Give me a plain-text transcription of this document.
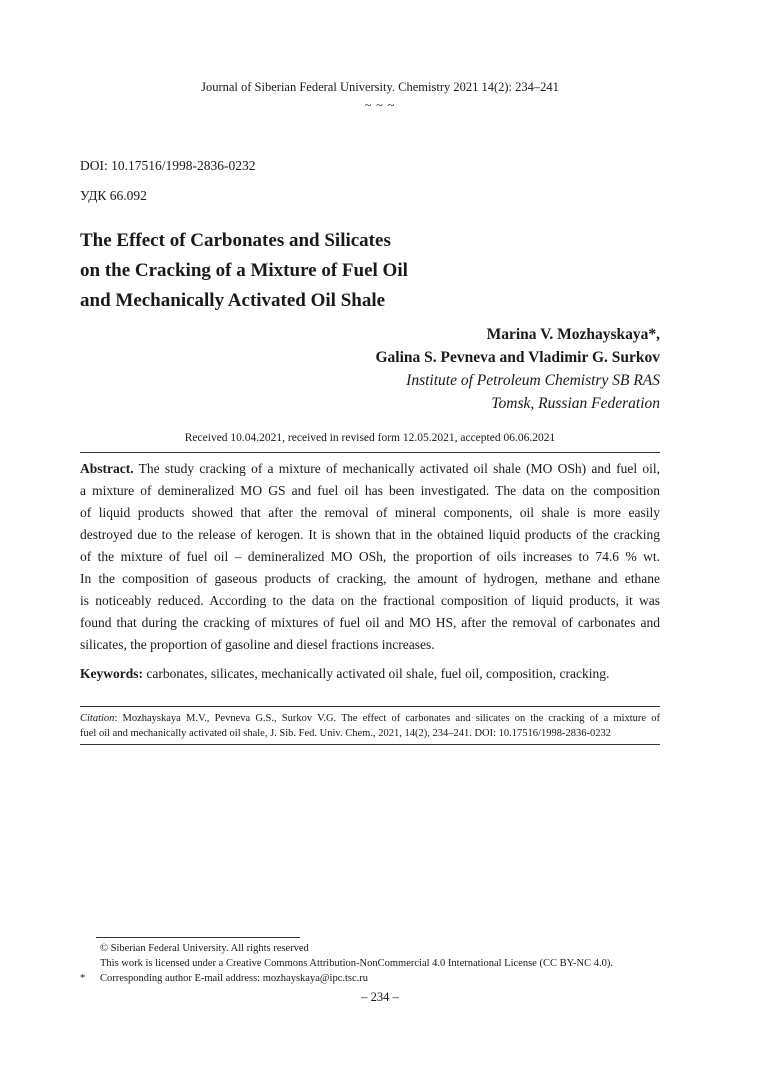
Journal of Siberian Federal University. Chemistry 2021 14(2): 234–241
~ ~ ~
DOI: 10.17516/1998-2836-0232
УДК 66.092
The Effect of Carbonates and Silicates
on the Cracking of a Mixture of Fuel Oil
and Mechanically Activated Oil Shale
Marina V. Mozhayskaya*,
Galina S. Pevneva and Vladimir G. Surkov
Institute of Petroleum Chemistry SB RAS
Tomsk, Russian Federation
Received 10.04.2021, received in revised form 12.05.2021, accepted 06.06.2021
Abstract. The study cracking of a mixture of mechanically activated oil shale (MO OSh) and fuel oil,
a mixture of demineralized MO GS and fuel oil has been investigated. The data on the composition
of liquid products showed that after the removal of mineral components, oil shale is more easily
destroyed due to the release of kerogen. It is shown that in the obtained liquid products of the cracking
of the mixture of fuel oil – demineralized MO OSh, the proportion of oils increases to 74.6 % wt.
In the composition of gaseous products of cracking, the amount of hydrogen, methane and ethane
is noticeably reduced. According to the data on the fractional composition of liquid products, it was
found that during the cracking of mixtures of fuel oil and MO HS, after the removal of carbonates and
silicates, the proportion of gasoline and diesel fractions increases.
Keywords: carbonates, silicates, mechanically activated oil shale, fuel oil, composition, cracking.
Citation: Mozhayskaya M.V., Pevneva G.S., Surkov V.G. The effect of carbonates and silicates on the cracking of a mixture of
fuel oil and mechanically activated oil shale, J. Sib. Fed. Univ. Chem., 2021, 14(2), 234–241. DOI: 10.17516/1998-2836-0232
© Siberian Federal University. All rights reserved
This work is licensed under a Creative Commons Attribution-NonCommercial 4.0 International License (CC BY-NC 4.0).
* Corresponding author E-mail address: mozhayskaya@ipc.tsc.ru
– 234 –
